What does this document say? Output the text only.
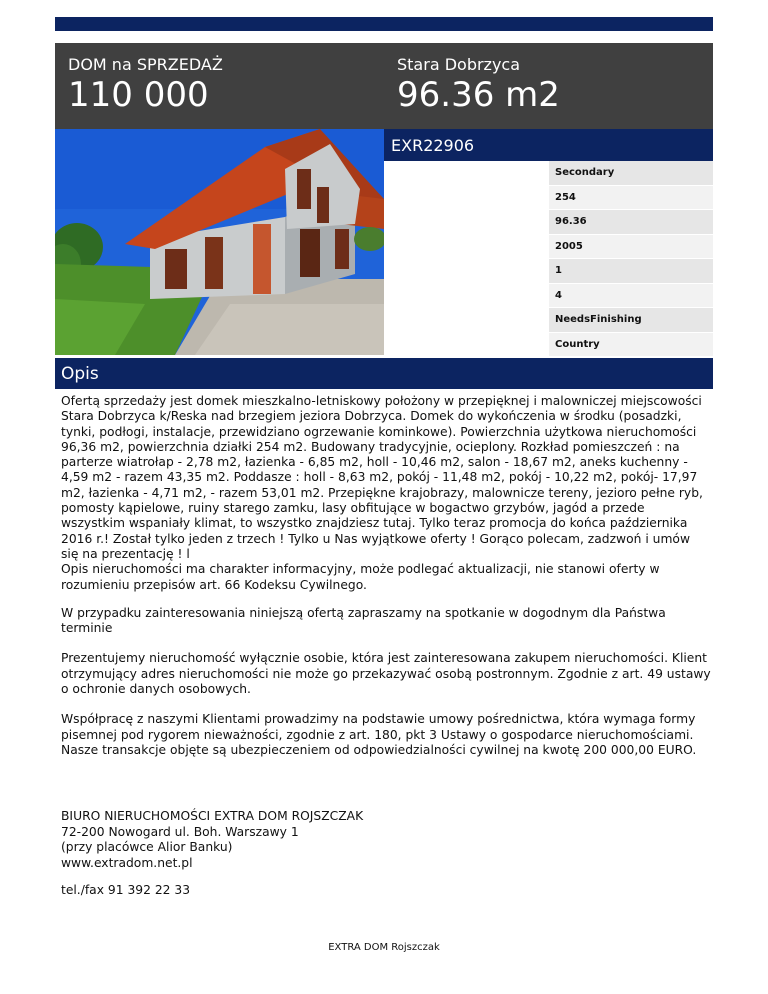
DOM na SPRZEDAŻ
110 000
Stara Dobrzyca
96.36 m2
EXR22906
Secondary
254
96.36
2005
1
4
NeedsFinishing
Country
Opis

Ofertą sprzedaży jest domek mieszkalno-letniskowy położony w przepięknej i malowniczej miejscowości Stara Dobrzyca k/Reska nad brzegiem jeziora Dobrzyca. Domek do wykończenia w środku (posadzki, tynki, podłogi, instalacje, przewidziano ogrzewanie kominkowe). Powierzchnia użytkowa nieruchomości 96,36 m2, powierzchnia działki 254 m2. Budowany tradycyjnie, ocieplony. Rozkład pomieszczeń : na parterze wiatrołap - 2,78 m2, łazienka - 6,85 m2, holl - 10,46 m2, salon - 18,67 m2, aneks kuchenny - 4,59 m2 - razem 43,35 m2. Poddasze : holl - 8,63 m2, pokój - 11,48 m2, pokój - 10,22 m2, pokój- 17,97 m2, łazienka - 4,71 m2, - razem 53,01 m2. Przepiękne krajobrazy, malownicze tereny, jezioro pełne ryb, pomosty kąpielowe, ruiny starego zamku, lasy obfitujące w bogactwo grzybów, jagód a przede wszystkim wspaniały klimat, to wszystko znajdziesz tutaj. Tylko teraz promocja do końca października 2016 r.! Został tylko jeden z trzech ! Tylko u Nas wyjątkowe oferty ! Gorąco polecam, zadzwoń i umów się na prezentację ! l
Opis nieruchomości ma charakter informacyjny, może podlegać aktualizacji, nie stanowi oferty w rozumieniu przepisów art. 66 Kodeksu Cywilnego.

W przypadku zainteresowania niniejszą ofertą zapraszamy na spotkanie w dogodnym dla Państwa terminie

Prezentujemy nieruchomość wyłącznie osobie, która jest zainteresowana zakupem nieruchomości. Klient otrzymujący adres nieruchomości nie może go przekazywać osobą postronnym. Zgodnie z art. 49 ustawy o ochronie danych osobowych.

Współpracę z naszymi Klientami prowadzimy na podstawie umowy pośrednictwa, która wymaga formy pisemnej pod rygorem nieważności, zgodnie z art. 180, pkt 3 Ustawy o gospodarce nieruchomościami. Nasze transakcje objęte są ubezpieczeniem od odpowiedzialności cywilnej na kwotę 200 000,00 EURO.

BIURO NIERUCHOMOŚCI EXTRA DOM ROJSZCZAK
72-200 Nowogard ul. Boh. Warszawy 1
(przy placówce Alior Banku)
www.extradom.net.pl
tel./fax 91 392 22 33
EXTRA DOM Rojszczak
